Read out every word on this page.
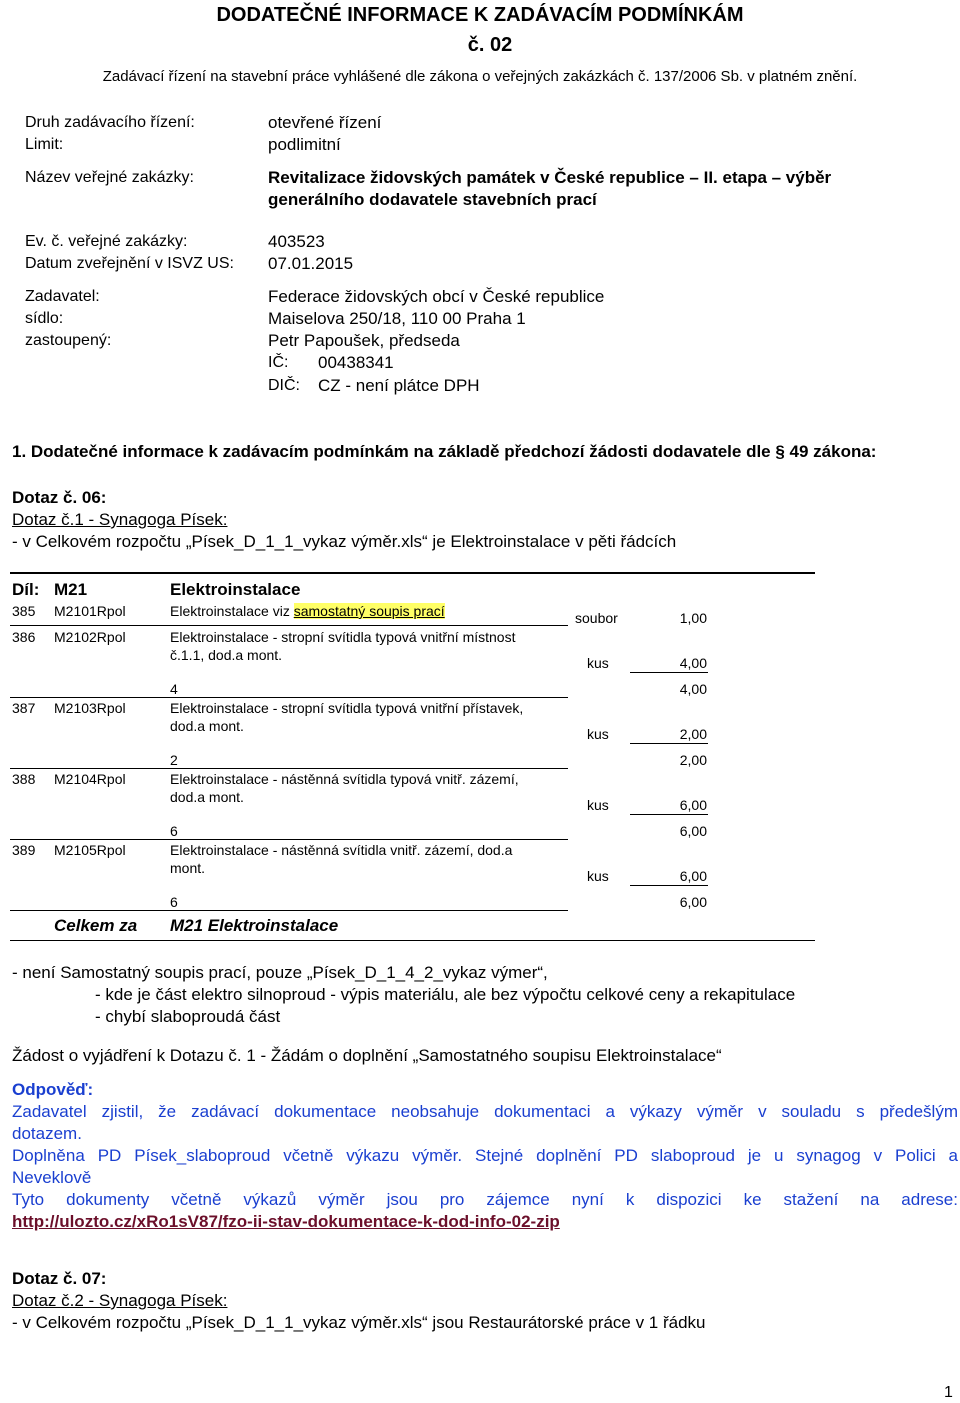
DODATEČNÉ INFORMACE K ZADÁVACÍM PODMÍNKÁM
č. 02
Zadávací řízení na stavební práce vyhlášené dle zákona o veřejných zakázkách č. 137/2006 Sb. v platném znění.
Druh zadávacího řízení:	otevřené řízení
Limit:	podlimitní
Název veřejné zakázky:	Revitalizace židovských památek v České republice – II. etapa – výběr
generálního dodavatele stavebních prací
Ev. č. veřejné zakázky:	403523
Datum zveřejnění v ISVZ US: 07.01.2015
Zadavatel:	Federace židovských obcí v České republice
sídlo:	Maiselova 250/18, 110 00 Praha 1
zastoupený:	Petr Papoušek, předseda
IČ: 00438341
DIČ: CZ - není plátce DPH
1. Dodatečné informace k zadávacím podmínkám na základě předchozí žádosti dodavatele dle § 49 zákona:
Dotaz č. 06:
Dotaz č.1 - Synagoga Písek:
- v Celkovém rozpočtu „Písek_D_1_1_vykaz výměr.xls“ je Elektroinstalace v pěti řádcích
Díl: M21	Elektroinstalace
385 M2101Rpol	Elektroinstalace viz samostatný soupis prací	soubor	1,00
386 M2102Rpol	Elektroinstalace - stropní svítidla typová vnitřní místnost
č.1.1, dod.a mont.	kus	4,00
4	4,00
387 M2103Rpol	Elektroinstalace - stropní svítidla typová vnitřní přístavek,
dod.a mont.	kus	2,00
2	2,00
388 M2104Rpol	Elektroinstalace - nástěnná svítidla typová vnitř. zázemí,
dod.a mont.	kus	6,00
6	6,00
389 M2105Rpol	Elektroinstalace - nástěnná svítidla vnitř. zázemí, dod.a
mont.	kus	6,00
6	6,00
Celkem za M21 Elektroinstalace
- není Samostatný soupis prací, pouze „Písek_D_1_4_2_vykaz výmer“,
- kde je část elektro silnoproud - výpis materiálu, ale bez výpočtu celkové ceny a rekapitulace
- chybí slaboproudá část
Žádost o vyjádření k Dotazu č. 1 - Žádám o doplnění „Samostatného soupisu Elektroinstalace“
Odpověď:
Zadavatel zjistil, že zadávací dokumentace neobsahuje dokumentaci a výkazy výměr v souladu s předešlým
dotazem.
Doplněna PD Písek_slaboproud včetně výkazu výměr. Stejné doplnění PD slaboproud je u synagog v Polici a
Neveklově
Tyto dokumenty včetně výkazů výměr jsou pro zájemce nyní k dispozici ke stažení na adrese:
http://ulozto.cz/xRo1sV87/fzo-ii-stav-dokumentace-k-dod-info-02-zip
Dotaz č. 07:
Dotaz č.2 - Synagoga Písek:
- v Celkovém rozpočtu „Písek_D_1_1_vykaz výměr.xls“ jsou Restaurátorské práce v 1 řádku
1
